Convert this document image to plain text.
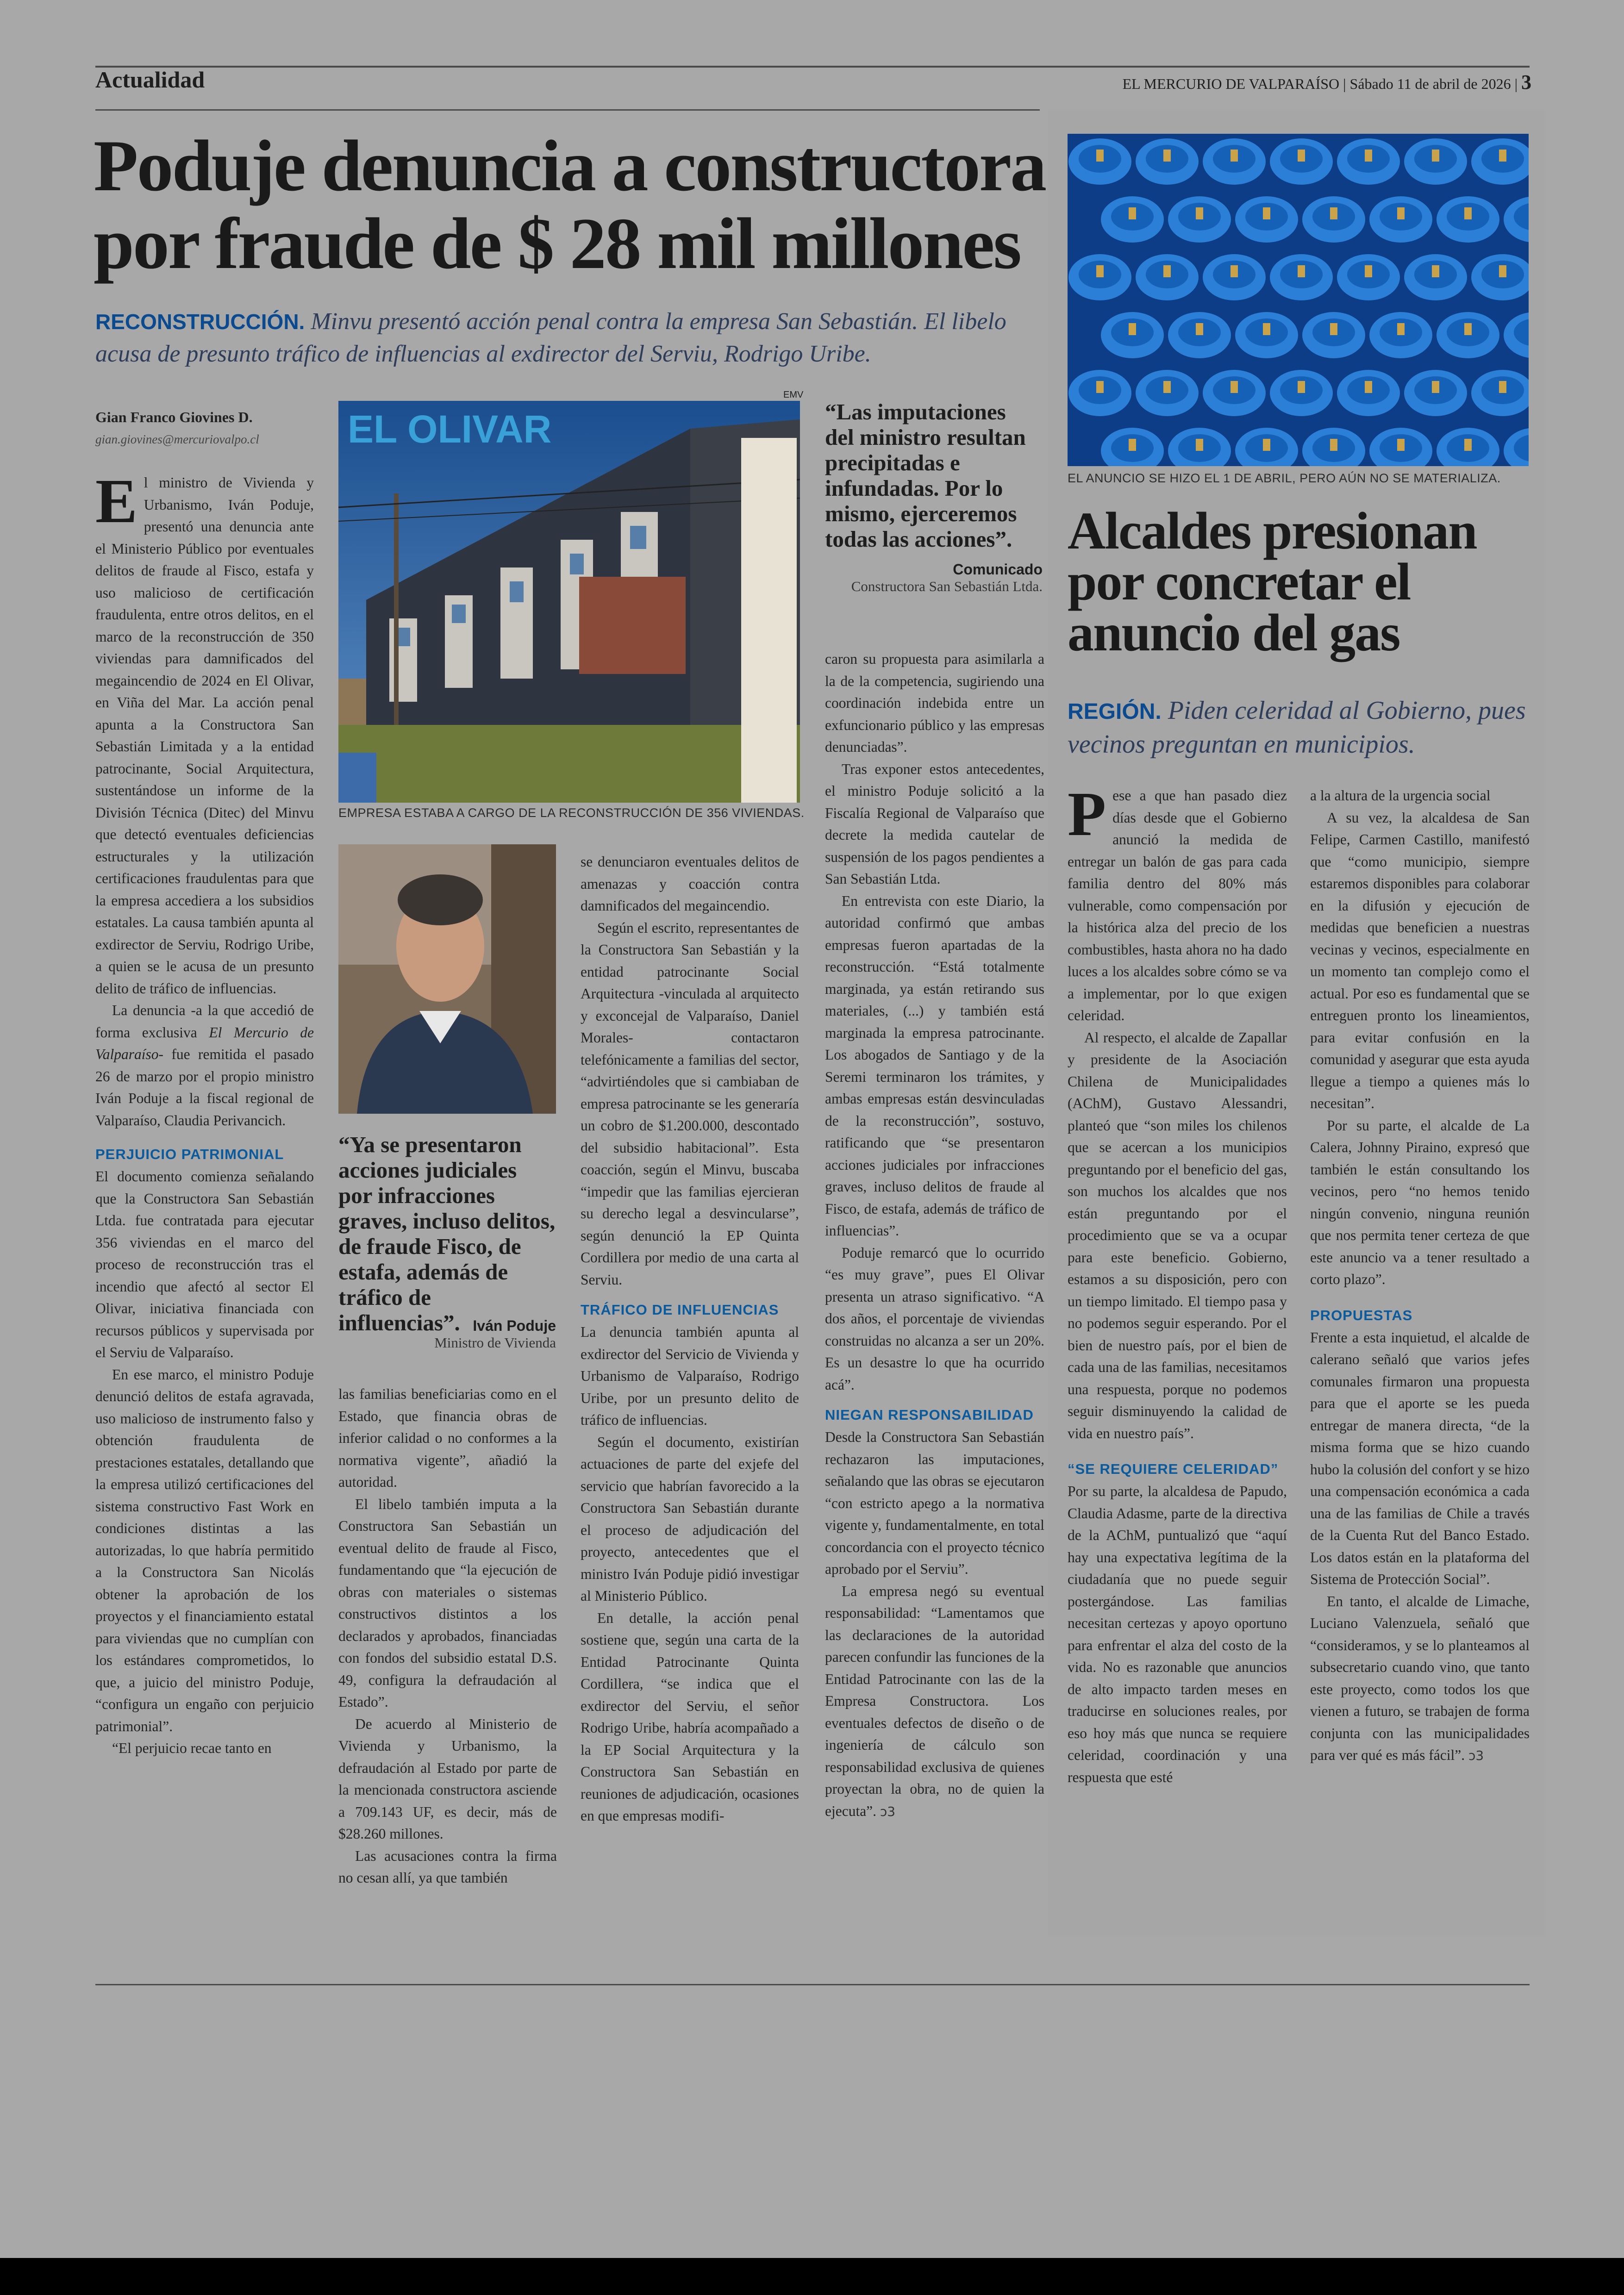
Actualidad	EL MERCURIO DE VALPARAÍSO | Sábado 11 de abril de 2026 | 3
Poduje denuncia a constructora por fraude de $ 28 mil millones
RECONSTRUCCIÓN. Minvu presentó acción penal contra la empresa San Sebastián. El libelo acusa de presunto tráfico de influencias al exdirector del Serviu, Rodrigo Uribe.
Gian Franco Giovines D.
gian.giovines@mercuriovalpo.cl

El ministro de Vivienda y Urbanismo, Iván Poduje, presentó una denuncia ante el Ministerio Público por eventuales delitos de fraude al Fisco, estafa y uso malicioso de certificación fraudulenta, entre otros delitos, en el marco de la reconstrucción de 350 viviendas para damnificados del megaincendio de 2024 en El Olivar, en Viña del Mar. La acción penal apunta a la Constructora San Sebastián Limitada y a la entidad patrocinante, Social Arquitectura, sustentándose un informe de la División Técnica (Ditec) del Minvu que detectó eventuales deficiencias estructurales y la utilización certificaciones fraudulentas para que la empresa accediera a los subsidios estatales. La causa también apunta al exdirector de Serviu, Rodrigo Uribe, a quien se le acusa de un presunto delito de tráfico de influencias.

La denuncia -a la que accedió de forma exclusiva El Mercurio de Valparaíso- fue remitida el pasado 26 de marzo por el propio ministro Iván Poduje a la fiscal regional de Valparaíso, Claudia Perivancich.

PERJUICIO PATRIMONIAL

El documento comienza señalando que la Constructora San Sebastián Ltda. fue contratada para ejecutar 356 viviendas en el marco del proceso de reconstrucción tras el incendio que afectó al sector El Olivar, iniciativa financiada con recursos públicos y supervisada por el Serviu de Valparaíso.

En ese marco, el ministro Poduje denunció delitos de estafa agravada, uso malicioso de instrumento falso y obtención fraudulenta de prestaciones estatales, detallando que la empresa utilizó certificaciones del sistema constructivo Fast Work en condiciones distintas a las autorizadas, lo que habría permitido a la Constructora San Nicolás obtener la aprobación de los proyectos y el financiamiento estatal para viviendas que no cumplían con los estándares comprometidos, lo que, a juicio del ministro Poduje, “configura un engaño con perjuicio patrimonial”.

“El perjuicio recae tanto en

EMV
EL OLIVAR
EMPRESA ESTABA A CARGO DE LA RECONSTRUCCIÓN DE 356 VIVIENDAS.
“Las imputaciones del ministro resultan precipitadas e infundadas. Por lo mismo, ejerceremos todas las acciones”.
Comunicado
Constructora San Sebastián Ltda.
“Ya se presentaron acciones judiciales por infracciones graves, incluso delitos, de fraude Fisco, de estafa, además de tráfico de influencias”. Iván Poduje
Ministro de Vivienda

las familias beneficiarias como en el Estado, que financia obras de inferior calidad o no conformes a la normativa vigente”, añadió la autoridad.

El libelo también imputa a la Constructora San Sebastián un eventual delito de fraude al Fisco, fundamentando que “la ejecución de obras con materiales o sistemas constructivos distintos a los declarados y aprobados, financiadas con fondos del subsidio estatal D.S. 49, configura la defraudación al Estado”.

De acuerdo al Ministerio de Vivienda y Urbanismo, la defraudación al Estado por parte de la mencionada constructora asciende a 709.143 UF, es decir, más de $28.260 millones.

Las acusaciones contra la firma no cesan allí, ya que también

se denunciaron eventuales delitos de amenazas y coacción contra damnificados del megaincendio.

Según el escrito, representantes de la Constructora San Sebastián y la entidad patrocinante Social Arquitectura -vinculada al arquitecto y exconcejal de Valparaíso, Daniel Morales- contactaron telefónicamente a familias del sector, “advirtiéndoles que si cambiaban de empresa patrocinante se les generaría un cobro de $1.200.000, descontado del subsidio habitacional”. Esta coacción, según el Minvu, buscaba “impedir que las familias ejercieran su derecho legal a desvincularse”, según denunció la EP Quinta Cordillera por medio de una carta al Serviu.

TRÁFICO DE INFLUENCIAS

La denuncia también apunta al exdirector del Servicio de Vivienda y Urbanismo de Valparaíso, Rodrigo Uribe, por un presunto delito de tráfico de influencias.

Según el documento, existirían actuaciones de parte del exjefe del servicio que habrían favorecido a la Constructora San Sebastián durante el proceso de adjudicación del proyecto, antecedentes que el ministro Iván Poduje pidió investigar al Ministerio Público.

En detalle, la acción penal sostiene que, según una carta de la Entidad Patrocinante Quinta Cordillera, “se indica que el exdirector del Serviu, el señor Rodrigo Uribe, habría acompañado a la EP Social Arquitectura y la Constructora San Sebastián en reuniones de adjudicación, ocasiones en que empresas modifi-

caron su propuesta para asimilarla a la de la competencia, sugiriendo una coordinación indebida entre un exfuncionario público y las empresas denunciadas”.

Tras exponer estos antecedentes, el ministro Poduje solicitó a la Fiscalía Regional de Valparaíso que decrete la medida cautelar de suspensión de los pagos pendientes a San Sebastián Ltda.

En entrevista con este Diario, la autoridad confirmó que ambas empresas fueron apartadas de la reconstrucción. “Está totalmente marginada, ya están retirando sus materiales, (...) y también está marginada la empresa patrocinante. Los abogados de Santiago y de la Seremi terminaron los trámites, y ambas empresas están desvinculadas de la reconstrucción”, sostuvo, ratificando que “se presentaron acciones judiciales por infracciones graves, incluso delitos de fraude al Fisco, de estafa, además de tráfico de influencias”.

Poduje remarcó que lo ocurrido “es muy grave”, pues El Olivar presenta un atraso significativo. “A dos años, el porcentaje de viviendas construidas no alcanza a ser un 20%. Es un desastre lo que ha ocurrido acá”.

NIEGAN RESPONSABILIDAD

Desde la Constructora San Sebastián rechazaron las imputaciones, señalando que las obras se ejecutaron “con estricto apego a la normativa vigente y, fundamentalmente, en total concordancia con el proyecto técnico aprobado por el Serviu”.

La empresa negó su eventual responsabilidad: “Lamentamos que las declaraciones de la autoridad parecen confundir las funciones de la Entidad Patrocinante con las de la Empresa Constructora. Los eventuales defectos de diseño o de ingeniería de cálculo son responsabilidad exclusiva de quienes proyectan la obra, no de quien la ejecuta”. ↄ3

EL ANUNCIO SE HIZO EL 1 DE ABRIL, PERO AÚN NO SE MATERIALIZA.
Alcaldes presionan por concretar el anuncio del gas
REGIÓN. Piden celeridad al Gobierno, pues vecinos preguntan en municipios.

Pese a que han pasado diez días desde que el Gobierno anunció la medida de entregar un balón de gas para cada familia dentro del 80% más vulnerable, como compensación por la histórica alza del precio de los combustibles, hasta ahora no ha dado luces a los alcaldes sobre cómo se va a implementar, por lo que exigen celeridad.

Al respecto, el alcalde de Zapallar y presidente de la Asociación Chilena de Municipalidades (AChM), Gustavo Alessandri, planteó que “son miles los chilenos que se acercan a los municipios preguntando por el beneficio del gas, son muchos los alcaldes que nos están preguntando por el procedimiento que se va a ocupar para este beneficio. Gobierno, estamos a su disposición, pero con un tiempo limitado. El tiempo pasa y no podemos seguir esperando. Por el bien de nuestro país, por el bien de cada una de las familias, necesitamos una respuesta, porque no podemos seguir disminuyendo la calidad de vida en nuestro país”.

“SE REQUIERE CELERIDAD”

Por su parte, la alcaldesa de Papudo, Claudia Adasme, parte de la directiva de la AChM, puntualizó que “aquí hay una expectativa legítima de la ciudadanía que no puede seguir postergándose. Las familias necesitan certezas y apoyo oportuno para enfrentar el alza del costo de la vida. No es razonable que anuncios de alto impacto tarden meses en traducirse en soluciones reales, por eso hoy más que nunca se requiere celeridad, coordinación y una respuesta que esté

a la altura de la urgencia social

A su vez, la alcaldesa de San Felipe, Carmen Castillo, manifestó que “como municipio, siempre estaremos disponibles para colaborar en la difusión y ejecución de medidas que beneficien a nuestras vecinas y vecinos, especialmente en un momento tan complejo como el actual. Por eso es fundamental que se entreguen pronto los lineamientos, para evitar confusión en la comunidad y asegurar que esta ayuda llegue a tiempo a quienes más lo necesitan”.

Por su parte, el alcalde de La Calera, Johnny Piraino, expresó que también le están consultando los vecinos, pero “no hemos tenido ningún convenio, ninguna reunión que nos permita tener certeza de que este anuncio va a tener resultado a corto plazo”.

PROPUESTAS

Frente a esta inquietud, el alcalde de calerano señaló que varios jefes comunales firmaron una propuesta para que el aporte se les pueda entregar de manera directa, “de la misma forma que se hizo cuando hubo la colusión del confort y se hizo una compensación económica a cada una de las familias de Chile a través de la Cuenta Rut del Banco Estado. Los datos están en la plataforma del Sistema de Protección Social”.

En tanto, el alcalde de Limache, Luciano Valenzuela, señaló que “consideramos, y se lo planteamos al subsecretario cuando vino, que tanto este proyecto, como todos los que vienen a futuro, se trabajen de forma conjunta con las municipalidades para ver qué es más fácil”. ↄ3
